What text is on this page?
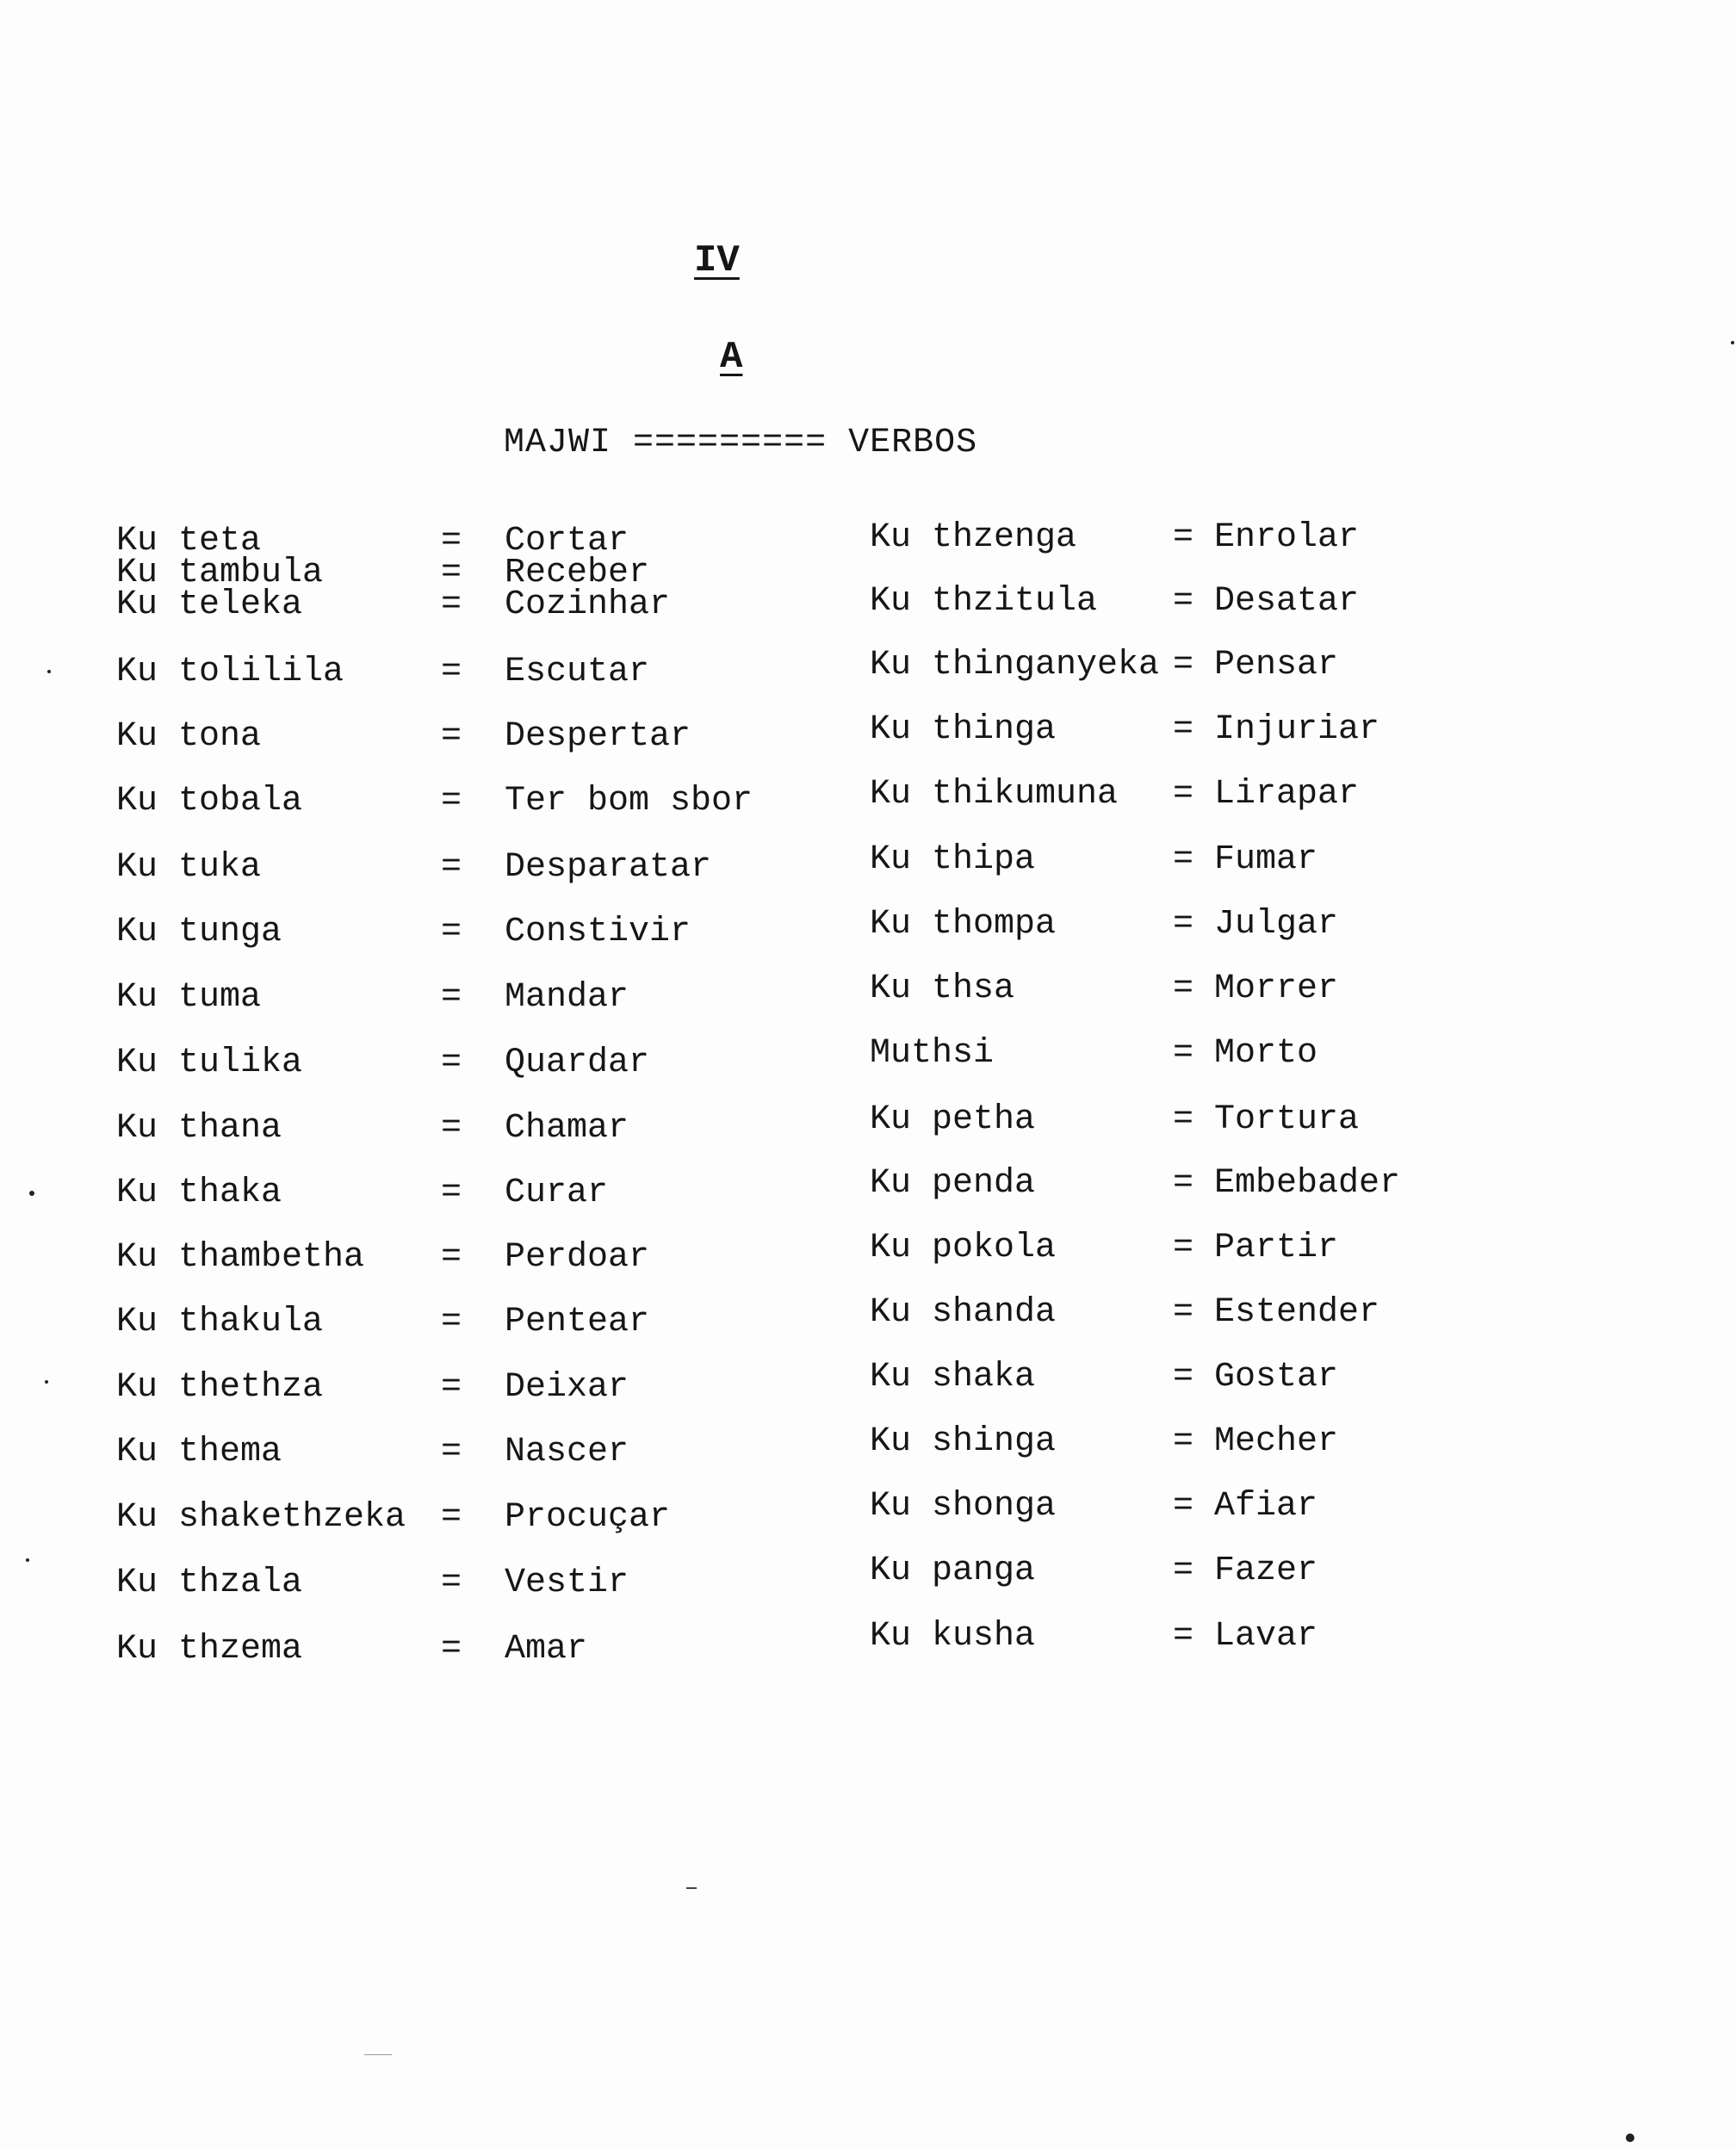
IV
A
MAJWI ========= VERBOS
Ku teta	= Cortar
Ku tambula	= Receber
Ku teleka	= Cozinhar
Ku tolilila	= Escutar
Ku tona	= Despertar
Ku tobala	= Ter bom sbor
Ku tuka	= Desparatar
Ku tunga	= Constivir
Ku tuma	= Mandar
Ku tulika	= Quardar
Ku thana	= Chamar
Ku thaka	= Curar
Ku thambetha = Perdoar
Ku thakula	= Pentear
Ku thethza	= Deixar
Ku thema	= Nascer
Ku shakethzeka = Procuçar
Ku thzala	= Vestir
Ku thzema	= Amar
Ku thzenga	= Enrolar
Ku thzitula = Desatar
Ku thinganyeka = Pensar
Ku thinga	= Injuriar
Ku thikumuna = Lirapar
Ku thipa	= Fumar
Ku thompa	= Julgar
Ku thsa	= Morrer
Muthsi	= Morto
Ku petha	= Tortura
Ku penda	= Embebader
Ku pokola	= Partir
Ku shanda	= Estender
Ku shaka	= Gostar
Ku shinga	= Mecher
Ku shonga	= Afiar
Ku panga	= Fazer
Ku kusha	= Lavar
